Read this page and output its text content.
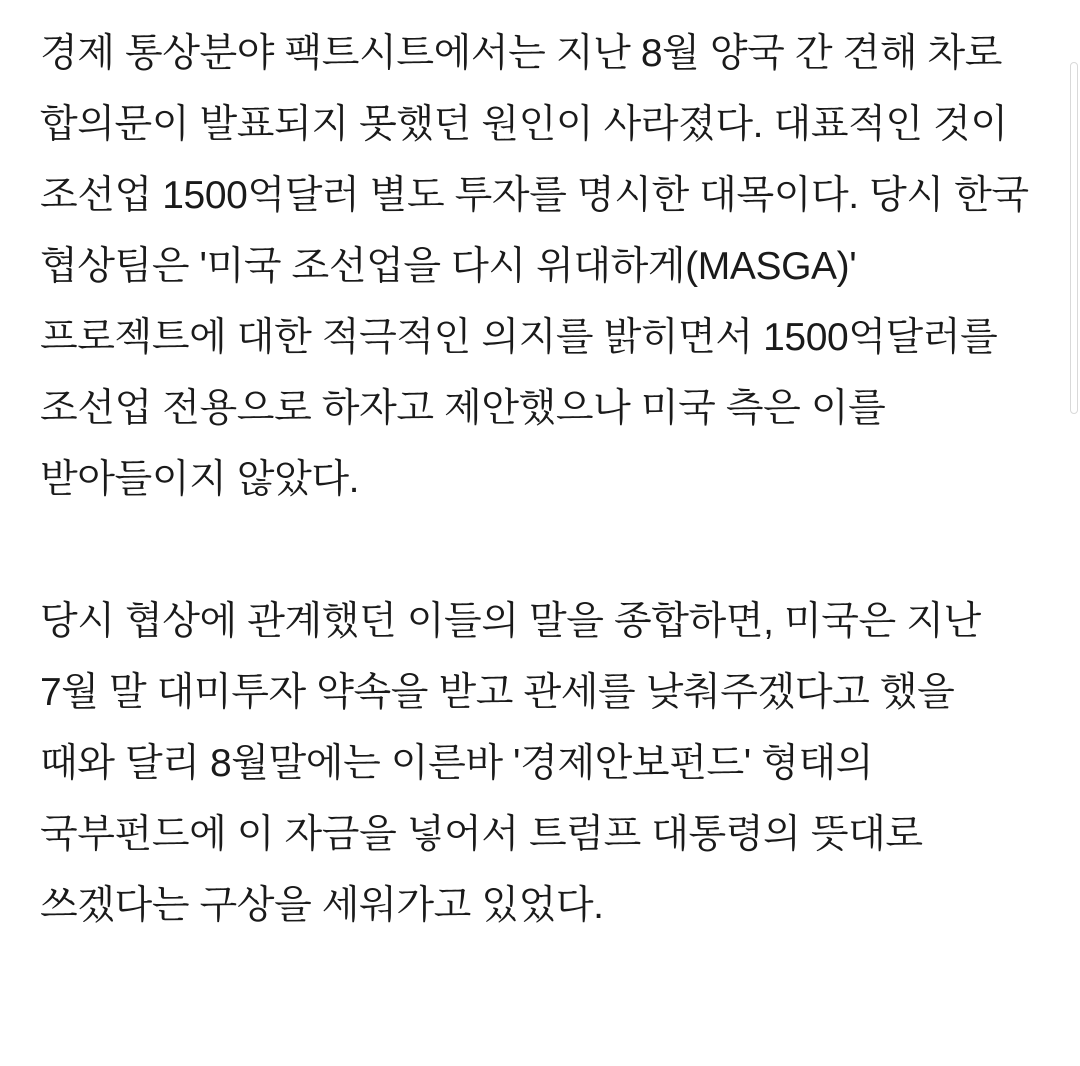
경제 통상분야 팩트시트에서는 지난 8월 양국 간 견해 차로 합의문이 발표되지 못했던 원인이 사라졌다. 대표적인 것이 조선업 1500억달러 별도 투자를 명시한 대목이다. 당시 한국 협상팀은 '미국 조선업을 다시 위대하게(MASGA)' 프로젝트에 대한 적극적인 의지를 밝히면서 1500억달러를 조선업 전용으로 하자고 제안했으나 미국 측은 이를 받아들이지 않았다.

당시 협상에 관계했던 이들의 말을 종합하면, 미국은 지난 7월 말 대미투자 약속을 받고 관세를 낮춰주겠다고 했을 때와 달리 8월말에는 이른바 '경제안보펀드' 형태의 국부펀드에 이 자금을 넣어서 트럼프 대통령의 뜻대로 쓰겠다는 구상을 세워가고 있었다.
